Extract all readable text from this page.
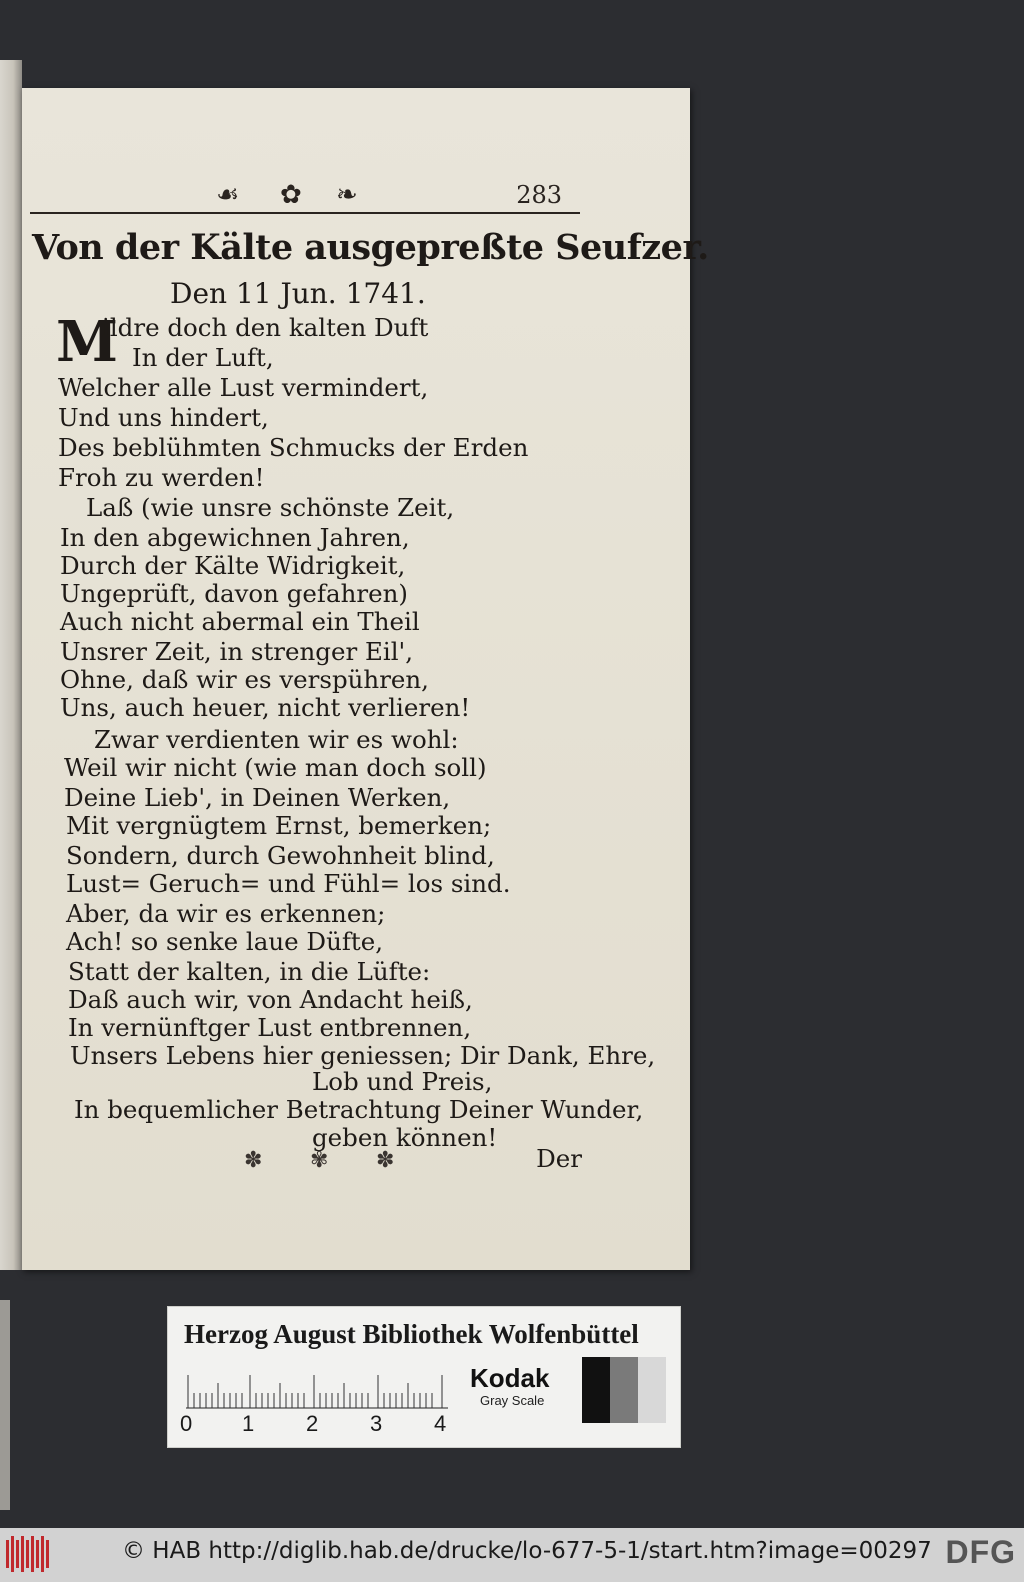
☙ ✿ ❧	283
Von der Kälte ausgepreßte Seufzer.
Den 11 Jun. 1741.
M
ildre doch den kalten Duft
In der Luft,
Welcher alle Lust vermindert,
Und uns hindert,
Des beblühmten Schmucks der Erden
Froh zu werden!
Laß (wie unsre schönste Zeit,
In den abgewichnen Jahren,
Durch der Kälte Widrigkeit,
Ungeprüft, davon gefahren)
Auch nicht abermal ein Theil
Unsrer Zeit, in strenger Eil',
Ohne, daß wir es verspühren,
Uns, auch heuer, nicht verlieren!
Zwar verdienten wir es wohl:
Weil wir nicht (wie man doch soll)
Deine Lieb', in Deinen Werken,
Mit vergnügtem Ernst, bemerken;
Sondern, durch Gewohnheit blind,
Lust= Geruch= und Fühl= los sind.
Aber, da wir es erkennen;
Ach! so senke laue Düfte,
Statt der kalten, in die Lüfte:
Daß auch wir, von Andacht heiß,
In vernünftger Lust entbrennen,
Unsers Lebens hier geniessen; Dir Dank, Ehre,
Lob und Preis,
In bequemlicher Betrachtung Deiner Wunder,
geben können!
✽ ✾ ✽	Der
Herzog August Bibliothek Wolfenbüttel
0 1 2 3 4
Kodak
Gray Scale
© HAB http://diglib.hab.de/drucke/lo-677-5-1/start.htm?image=00297 DFG
